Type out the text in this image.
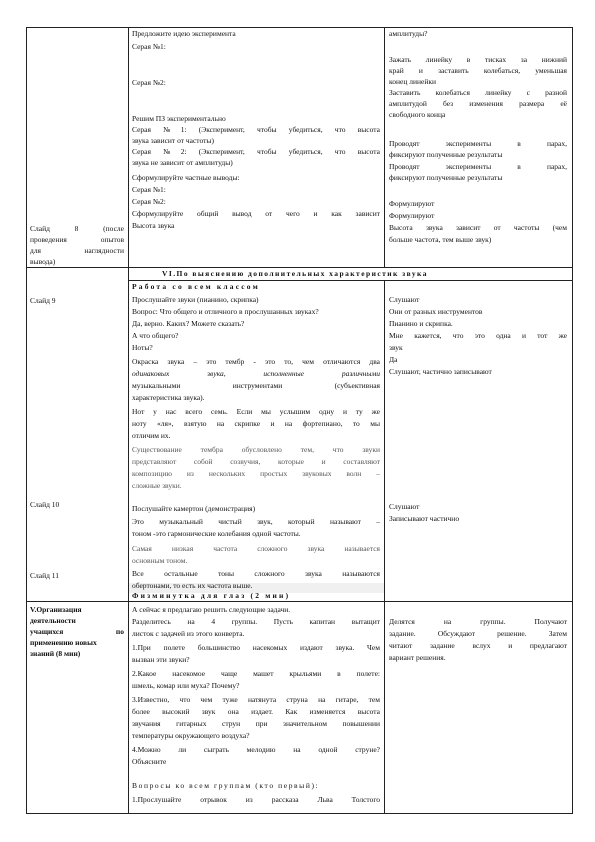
Слайд 8 (после
проведения опытов
для наглядности
вывода)
Слайд 9
Слайд 10
Слайд 11
V.Организация
деятельности
учащихся по
применению новых
знаний (8 мин)
Предложите идею эксперимента
Серая №1:
Серая №2:
Решим ПЗ экспериментально
Серая №1: (Эксперимент, чтобы убедиться, что высота
звука зависит от частоты)
Серая №2: (Эксперимент, чтобы убедиться, что высота
звука не зависит от амплитуды)
Сформулируйте частные выводы:
Серая №1:
Серая №2:
Сформулируйте общий вывод от чего и как зависит
Высота звука
амплитуды?
Зажать линейку в тисках за нижний
край и заставить колебаться, уменьшая
конец линейки
Заставить колебаться линейку с разной
амплитудой без изменения размера её
свободного конца
Проводят эксперименты в парах,
фиксируют полученные результаты
Проводят эксперименты в парах,
фиксируют полученные результаты
Формулируют
Формулируют
Высота звука зависит от частоты (чем
больше частота, тем выше звук)
VI.По выяснению дополнительных характеристик звука
Работа со всем классом
Прослушайте звуки (пианино, скрипка)
Вопрос: Что общего и отличного в прослушанных звуках?
Да, верно. Каких? Можете сказать?
А что общего?
Ноты?
Окраска звука – это тембр - это то, чем отличаются два
одинаковых звука, исполненные различными
музыкальными инструментами (субъективная
характеристика звука).
Нот у нас всего семь. Если мы услышим одну и ту же
ноту «ля», взятую на скрипке и на фортепиано, то мы
отличим их.
Существование тембра обусловлено тем, что звуки
представляют собой созвучия, которые и составляют
композицию из нескольких простых звуковых волн –
сложные звуки.
Послушайте камертон (демонстрация)
Это музыкальный чистый звук, который называют –
тоном -это гармонические колебания одной частоты.
Самая низкая частота сложного звука называется
основным тоном.
Все остальные тоны сложного звука называются
обертонами, то есть их частота выше.
Физминутка для глаз (2 мин)
Слушают
Они от разных инструментов
Пианино и скрипка.
Мне кажется, что это одна и тот же
звук
Да
Слушают, частично записывают
Слушают
Записывают частично
А сейчас я предлагаю решить следующие задачи.
Разделитесь на 4 группы. Пусть капитан вытащит
листок с задачей из этого конверта.
1.При полете большинство насекомых издают звука. Чем
вызван эти звуки?
2.Какое насекомое чаще машет крыльями в полете:
шмель, комар или муха? Почему?
3.Известно, что чем туже натянута струна на гитаре, тем
более высокий звук она издает. Как изменяется высота
звучания гитарных струн при значительном повышении
температуры окружающего воздуха?
4.Можно ли сыграть мелодию на одной струне?
Объясните
Вопросы ко всем группам (кто первый):
1.Прослушайте отрывок из рассказа Льва Толстого
Делятся на группы. Получают
задание. Обсуждают решение. Затем
читают задание вслух и предлагают
вариант решения.
